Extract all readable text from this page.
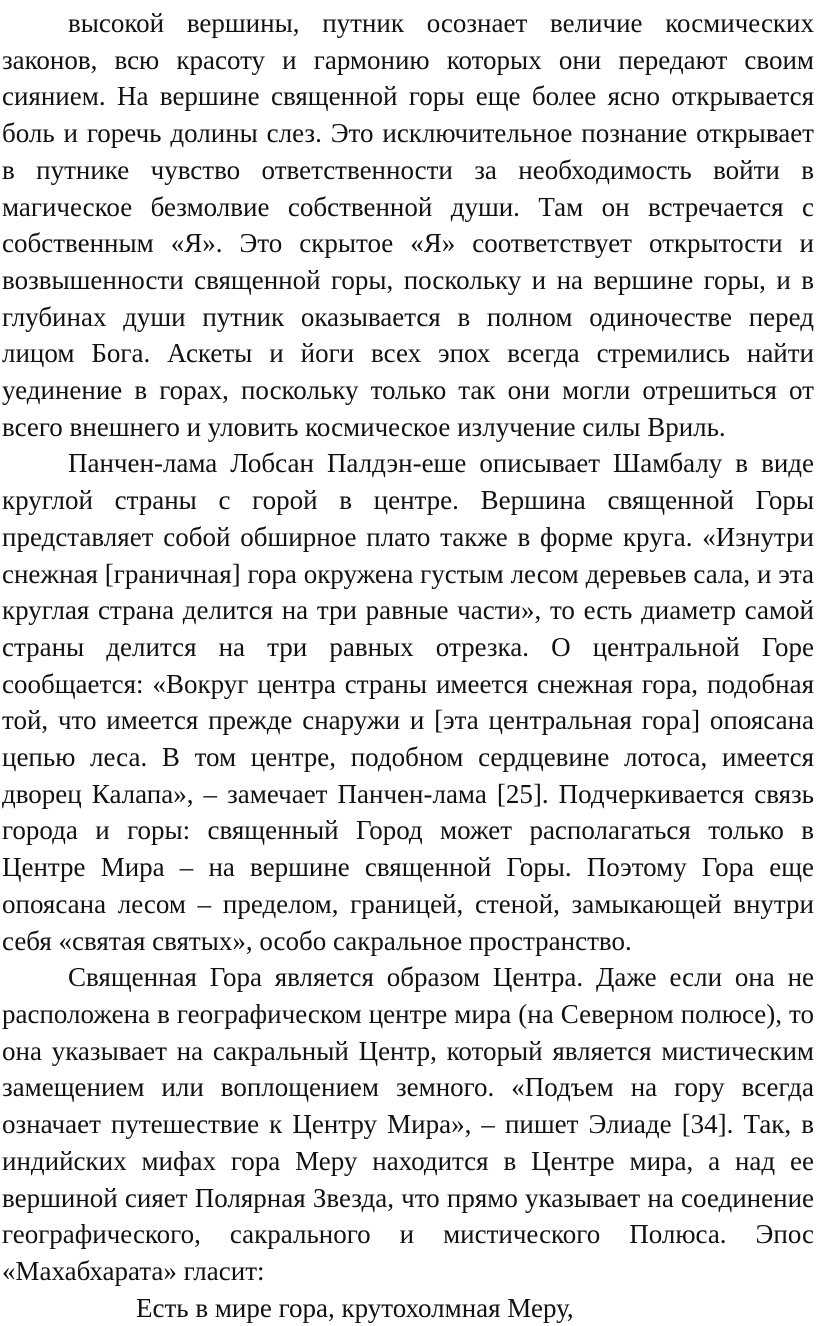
высокой вершины, путник осознает величие космических законов, всю красоту и гармонию которых они передают своим сиянием. На вершине священной горы еще более ясно открывается боль и горечь долины слез. Это исключительное познание открывает в путнике чувство ответственности за необходимость войти в магическое безмолвие собственной души. Там он встречается с собственным «Я». Это скрытое «Я» соответствует открытости и возвышенности священной горы, поскольку и на вершине горы, и в глубинах души путник оказывается в полном одиночестве перед лицом Бога. Аскеты и йоги всех эпох всегда стремились найти уединение в горах, поскольку только так они могли отрешиться от всего внешнего и уловить космическое излучение силы Вриль.

Панчен-лама Лобсан Палдэн-еше описывает Шамбалу в виде круглой страны с горой в центре. Вершина священной Горы представляет собой обширное плато также в форме круга. «Изнутри снежная [граничная] гора окружена густым лесом деревьев сала, и эта круглая страна делится на три равные части», то есть диаметр самой страны делится на три равных отрезка. О центральной Горе сообщается: «Вокруг центра страны имеется снежная гора, подобная той, что имеется прежде снаружи и [эта центральная гора] опоясана цепью леса. В том центре, подобном сердцевине лотоса, имеется дворец Калапа», – замечает Панчен-лама [25]. Подчеркивается связь города и горы: священный Город может располагаться только в Центре Мира – на вершине священной Горы. Поэтому Гора еще опоясана лесом – пределом, границей, стеной, замыкающей внутри себя «святая святых», особо сакральное пространство.

Священная Гора является образом Центра. Даже если она не расположена в географическом центре мира (на Северном полюсе), то она указывает на сакральный Центр, который является мистическим замещением или воплощением земного. «Подъем на гору всегда означает путешествие к Центру Мира», – пишет Элиаде [34]. Так, в индийских мифах гора Меру находится в Центре мира, а над ее вершиной сияет Полярная Звезда, что прямо указывает на соединение географического, сакрального и мистического Полюса. Эпос «Махабхарата» гласит:

Есть в мире гора, крутохолмная Меру,
